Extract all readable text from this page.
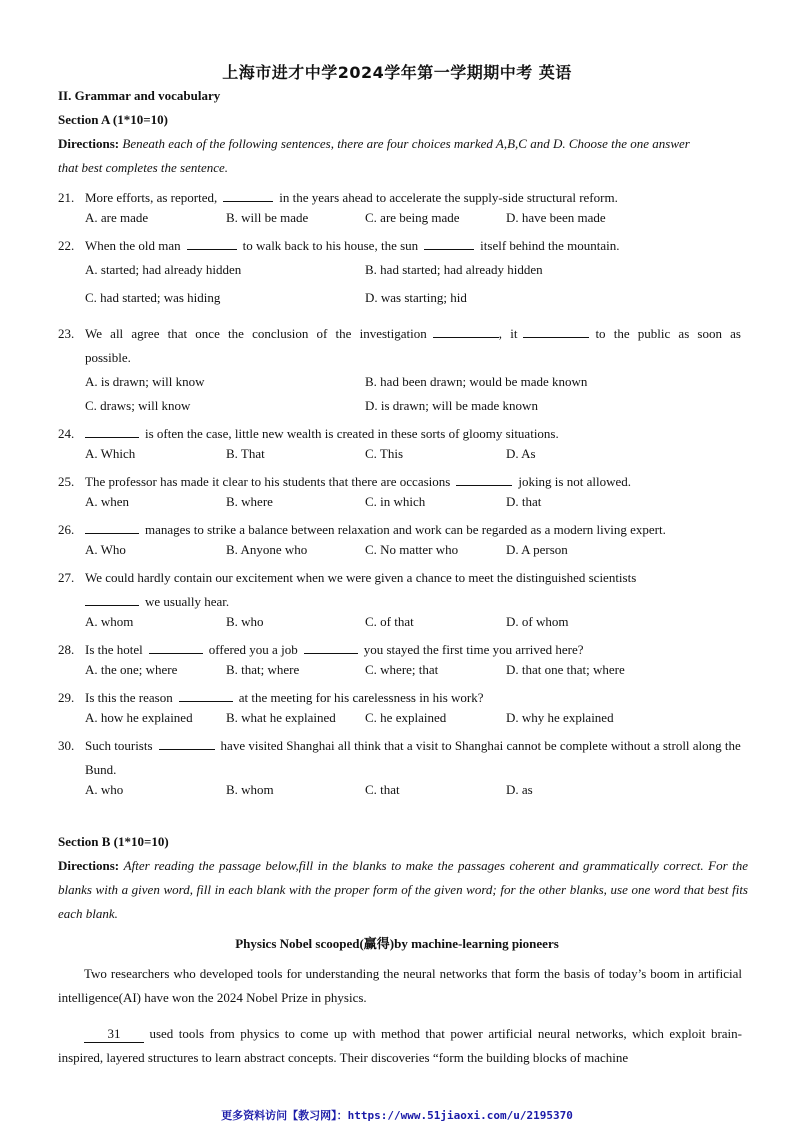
上海市进才中学2024学年第一学期期中考 英语
II. Grammar and vocabulary
Section A (1*10=10)
Directions: Beneath each of the following sentences, there are four choices marked A,B,C and D. Choose the one answer that best completes the sentence.
21. More efforts, as reported,	in the years ahead to accelerate the supply-side structural reform.
A. are made	B. will be made	C. are being made	D. have been made
22. When the old man	to walk back to his house, the sun	itself behind the mountain.
A. started; had already hidden	B. had started; had already hidden
C. had started; was hiding	D. was starting; hid
23. We all agree that once the conclusion of the investigation	, it	to the public as soon as possible.
A. is drawn; will know	B. had been drawn; would be made known
C. draws; will know	D. is drawn; will be made known
24.	is often the case, little new wealth is created in these sorts of gloomy situations.
A. Which	B. That	C. This	D. As
25. The professor has made it clear to his students that there are occasions	joking is not allowed.
A. when	B. where	C. in which	D. that
26.	manages to strike a balance between relaxation and work can be regarded as a modern living expert.
A. Who	B. Anyone who	C. No matter who	D. A person
27. We could hardly contain our excitement when we were given a chance to meet the distinguished scientists
we usually hear.
A. whom	B. who	C. of that	D. of whom
28. Is the hotel	offered you a job	you stayed the first time you arrived here?
A. the one; where	B. that; where	C. where; that	D. that one that; where
29. Is this the reason	at the meeting for his carelessness in his work?
A. how he explained	B. what he explained C. he explained	D. why he explained
30. Such tourists	have visited Shanghai all think that a visit to Shanghai cannot be complete without a stroll along the Bund.
A. who	B. whom	C. that	D. as
Section B (1*10=10)
Directions: After reading the passage below,fill in the blanks to make the passages coherent and grammatically correct. For the blanks with a given word, fill in each blank with the proper form of the given word; for the other blanks, use one word that best fits each blank.
Physics Nobel scooped(赢得)by machine-learning pioneers
Two researchers who developed tools for understanding the neural networks that form the basis of today’s boom in artificial intelligence(AI) have won the 2024 Nobel Prize in physics.
31 used tools from physics to come up with method that power artificial neural networks, which exploit brain-inspired, layered structures to learn abstract concepts. Their discoveries “form the building blocks of machine
更多资料访问【教习网】：https://www.51jiaoxi.com/u/2195370
